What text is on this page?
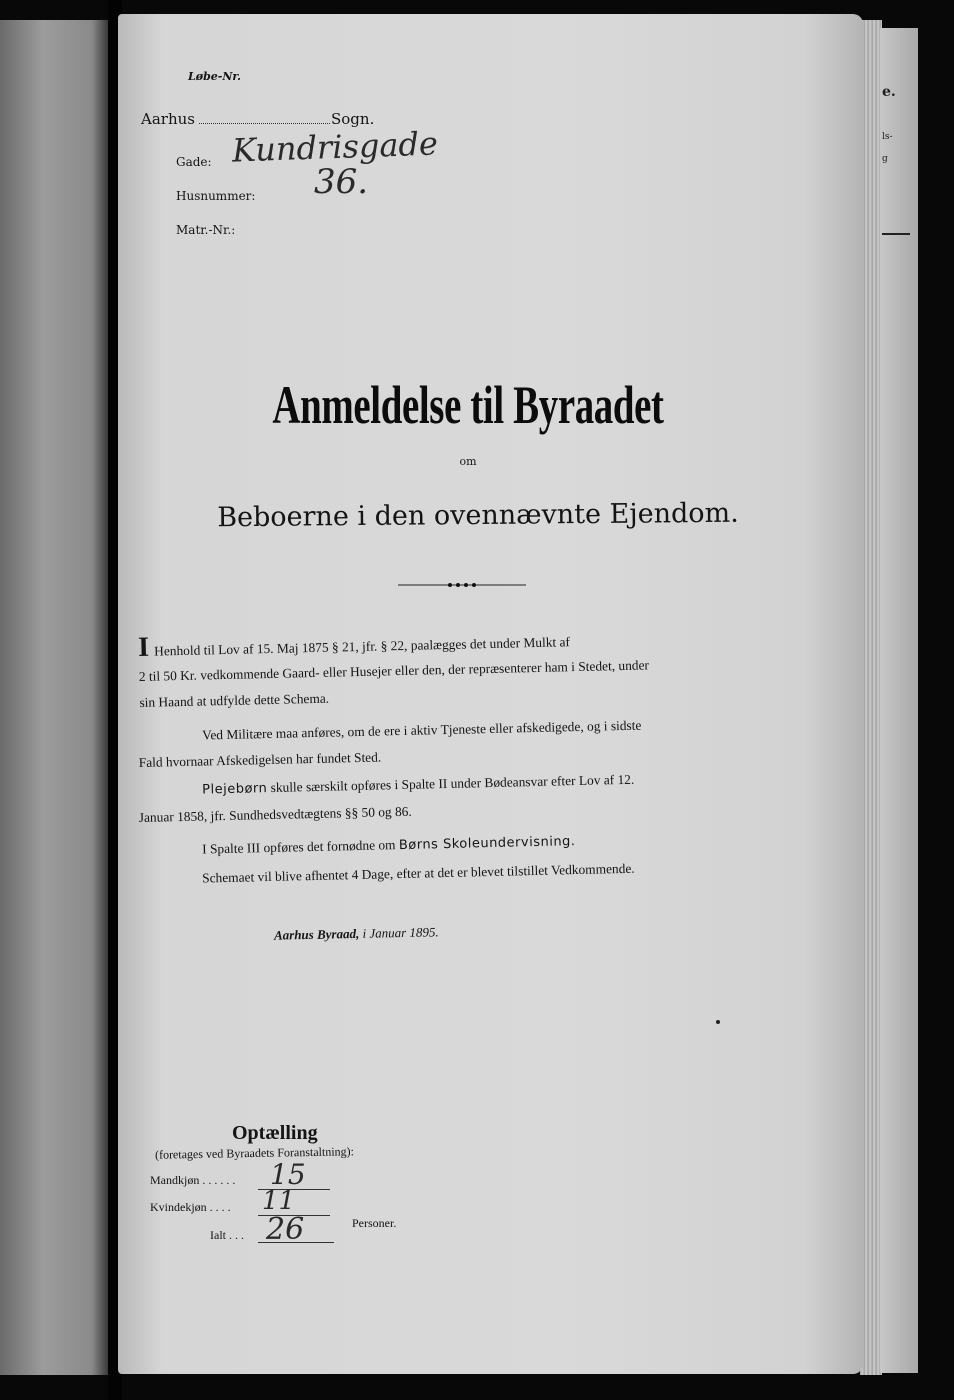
e.
ls-
g
Løbe-Nr.
Aarhus	Sogn.
Gade: Kundrisgade
Husnummer: 36.
Matr.-Nr.:
Anmeldelse til Byraadet
om
Beboerne i den ovennævnte Ejendom.
I Henhold til Lov af 15. Maj 1875 § 21, jfr. § 22, paalægges det under Mulkt af
2 til 50 Kr. vedkommende Gaard- eller Husejer eller den, der repræsenterer ham i Stedet, under
sin Haand at udfylde dette Schema.
Ved Militære maa anføres, om de ere i aktiv Tjeneste eller afskedigede, og i sidste
Fald hvornaar Afskedigelsen har fundet Sted.
Plejebørn skulle særskilt opføres i Spalte II under Bødeansvar efter Lov af 12.
Januar 1858, jfr. Sundhedsvedtægtens §§ 50 og 86.
I Spalte III opføres det fornødne om Børns Skoleundervisning.
Schemaet vil blive afhentet 4 Dage, efter at det er blevet tilstillet Vedkommende.
Aarhus Byraad, i Januar 1895.
Optælling
(foretages ved Byraadets Foranstaltning):
Mandkjøn . . . . . . 15
Kvindekjøn . . . . 11
Ialt . . . 26	Personer.
